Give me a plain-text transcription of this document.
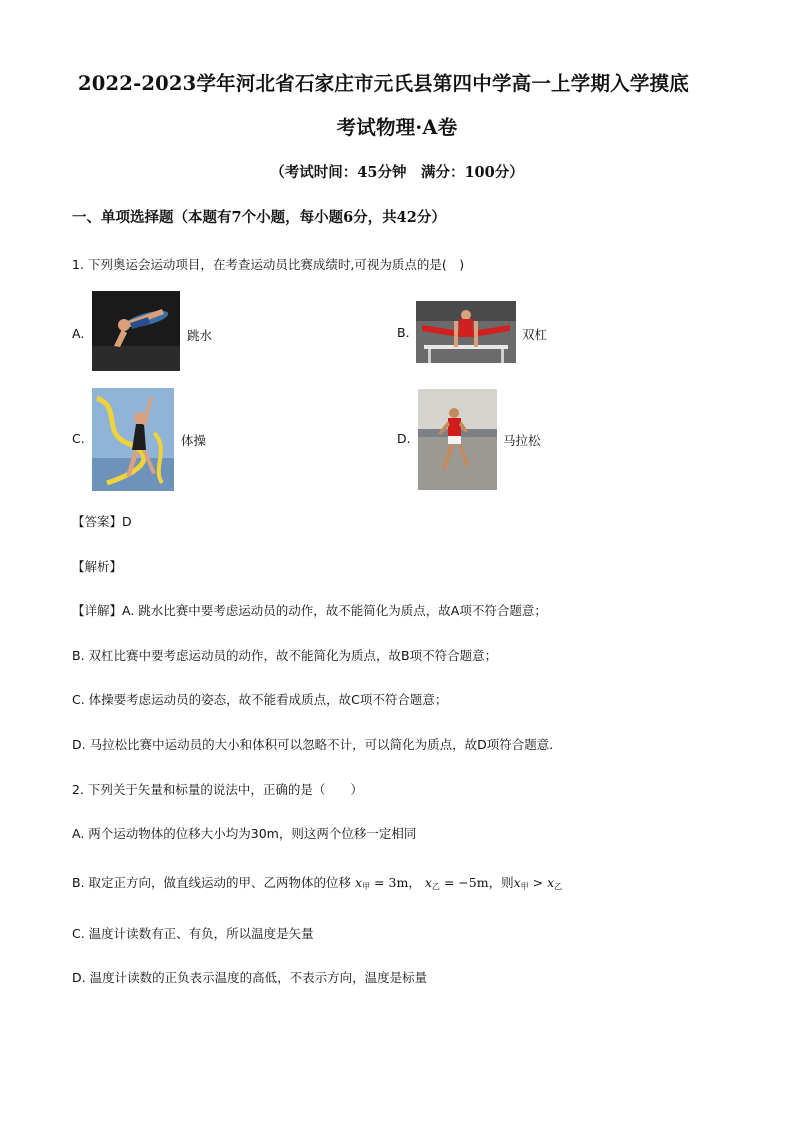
2022-2023学年河北省石家庄市元氏县第四中学高一上学期入学摸底
考试物理·A卷
（考试时间：45分钟　满分：100分）
一、单项选择题（本题有7个小题，每小题6分，共42分）
1. 下列奥运会运动项目，在考查运动员比赛成绩时,可视为质点的是(　)
A.	跳水	B.	双杠
C.	体操	D.	马拉松
【答案】D
【解析】
【详解】A. 跳水比赛中要考虑运动员的动作，故不能简化为质点，故A项不符合题意；
B. 双杠比赛中要考虑运动员的动作，故不能简化为质点，故B项不符合题意；
C. 体操要考虑运动员的姿态，故不能看成质点，故C项不符合题意；
D. 马拉松比赛中运动员的大小和体积可以忽略不计，可以简化为质点，故D项符合题意．
2. 下列关于矢量和标量的说法中，正确的是（　　）
A. 两个运动物体的位移大小均为30m，则这两个位移一定相同
B. 取定正方向，做直线运动的甲、乙两物体的位移 $x_甲 = 3m$， $x_乙 = -5m$，则$x_甲 > x_乙$
C. 温度计读数有正、有负，所以温度是矢量
D. 温度计读数的正负表示温度的高低，不表示方向，温度是标量
